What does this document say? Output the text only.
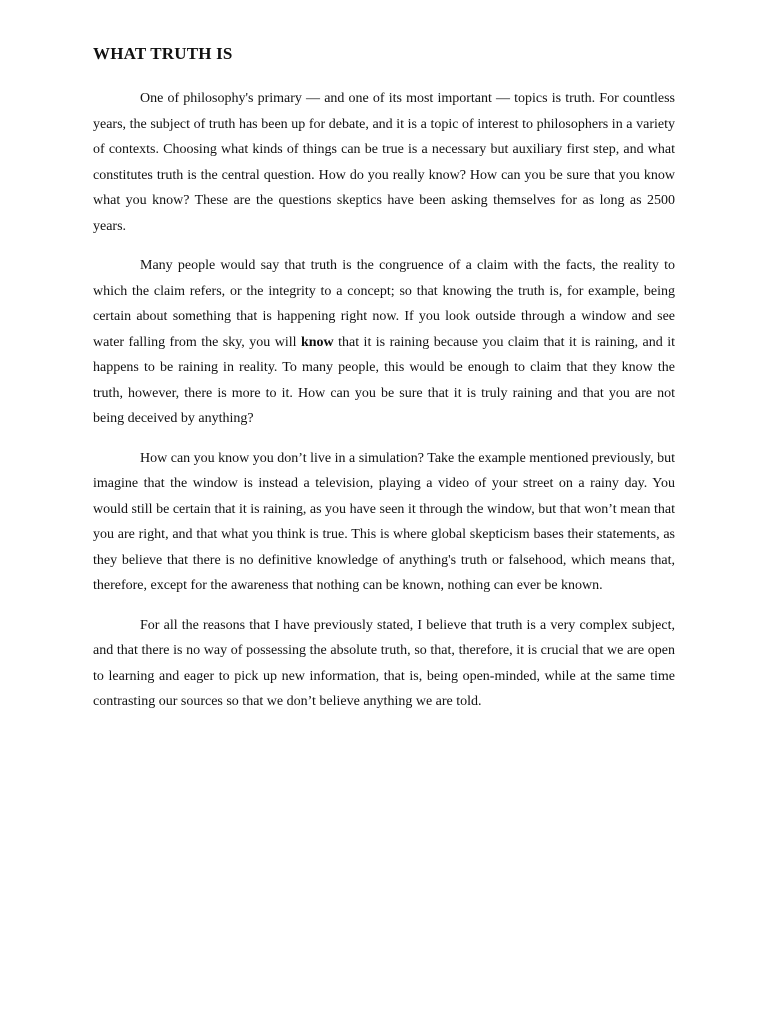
WHAT TRUTH IS

One of philosophy's primary — and one of its most important — topics is truth. For countless years, the subject of truth has been up for debate, and it is a topic of interest to philosophers in a variety of contexts. Choosing what kinds of things can be true is a necessary but auxiliary first step, and what constitutes truth is the central question. How do you really know? How can you be sure that you know what you know? These are the questions skeptics have been asking themselves for as long as 2500 years.

Many people would say that truth is the congruence of a claim with the facts, the reality to which the claim refers, or the integrity to a concept; so that knowing the truth is, for example, being certain about something that is happening right now. If you look outside through a window and see water falling from the sky, you will know that it is raining because you claim that it is raining, and it happens to be raining in reality. To many people, this would be enough to claim that they know the truth, however, there is more to it. How can you be sure that it is truly raining and that you are not being deceived by anything?

How can you know you don’t live in a simulation? Take the example mentioned previously, but imagine that the window is instead a television, playing a video of your street on a rainy day. You would still be certain that it is raining, as you have seen it through the window, but that won’t mean that you are right, and that what you think is true. This is where global skepticism bases their statements, as they believe that there is no definitive knowledge of anything's truth or falsehood, which means that, therefore, except for the awareness that nothing can be known, nothing can ever be known.

For all the reasons that I have previously stated, I believe that truth is a very complex subject, and that there is no way of possessing the absolute truth, so that, therefore, it is crucial that we are open to learning and eager to pick up new information, that is, being open-minded, while at the same time contrasting our sources so that we don’t believe anything we are told.
